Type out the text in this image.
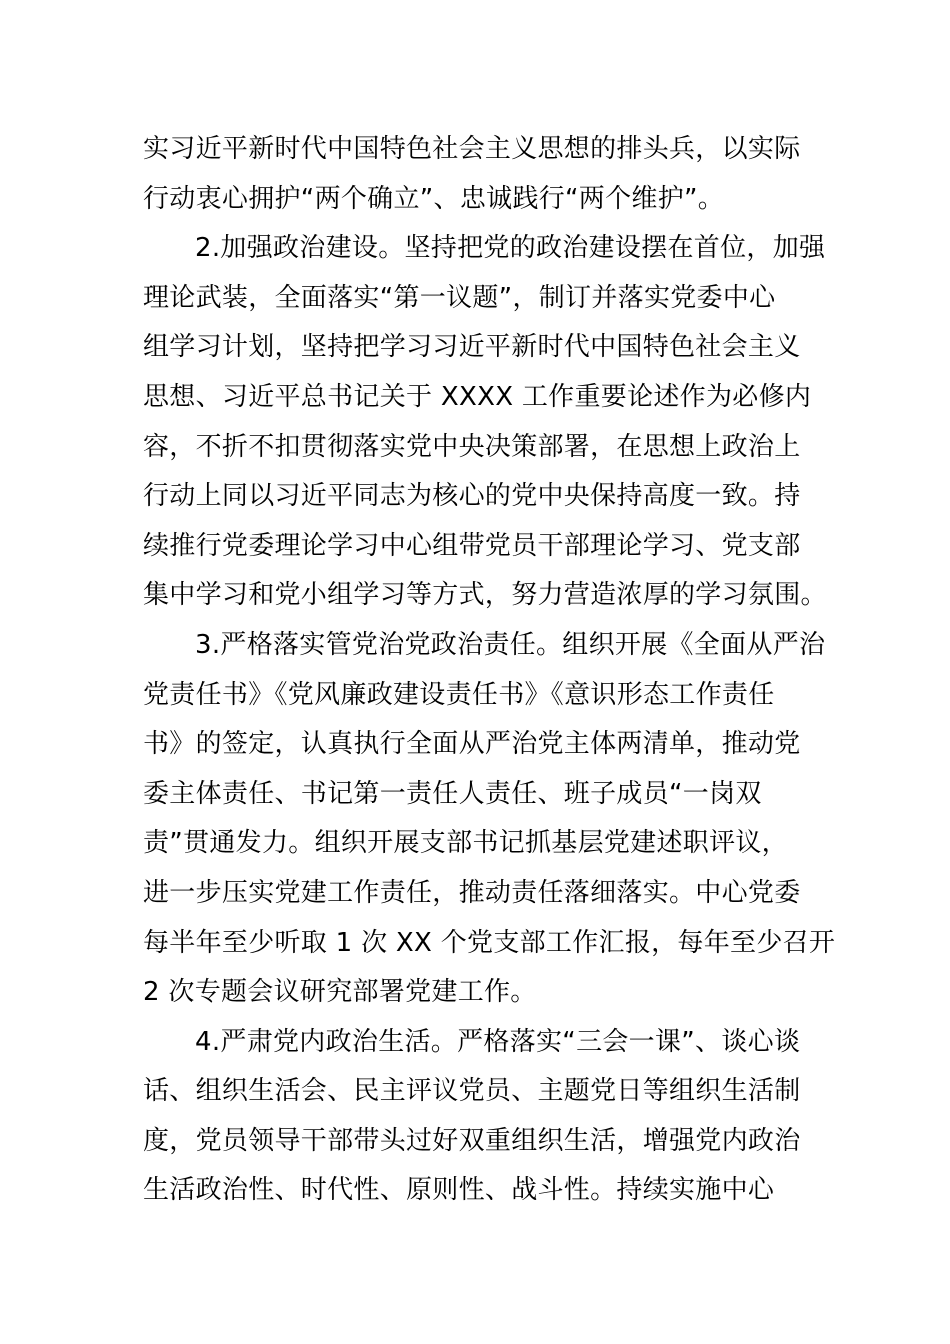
实习近平新时代中国特色社会主义思想的排头兵，以实际
行动衷心拥护“两个确立”、忠诚践行“两个维护”。
2.加强政治建设。坚持把党的政治建设摆在首位，加强
理论武装，全面落实“第一议题”，制订并落实党委中心
组学习计划，坚持把学习习近平新时代中国特色社会主义
思想、习近平总书记关于 XXXX 工作重要论述作为必修内
容，不折不扣贯彻落实党中央决策部署，在思想上政治上
行动上同以习近平同志为核心的党中央保持高度一致。持
续推行党委理论学习中心组带党员干部理论学习、党支部
集中学习和党小组学习等方式，努力营造浓厚的学习氛围。
3.严格落实管党治党政治责任。组织开展《全面从严治
党责任书》《党风廉政建设责任书》《意识形态工作责任
书》的签定，认真执行全面从严治党主体两清单，推动党
委主体责任、书记第一责任人责任、班子成员“一岗双
责”贯通发力。组织开展支部书记抓基层党建述职评议，
进一步压实党建工作责任，推动责任落细落实。中心党委
每半年至少听取 1 次 XX 个党支部工作汇报，每年至少召开
2 次专题会议研究部署党建工作。
4.严肃党内政治生活。严格落实“三会一课”、谈心谈
话、组织生活会、民主评议党员、主题党日等组织生活制
度，党员领导干部带头过好双重组织生活，增强党内政治
生活政治性、时代性、原则性、战斗性。持续实施中心
